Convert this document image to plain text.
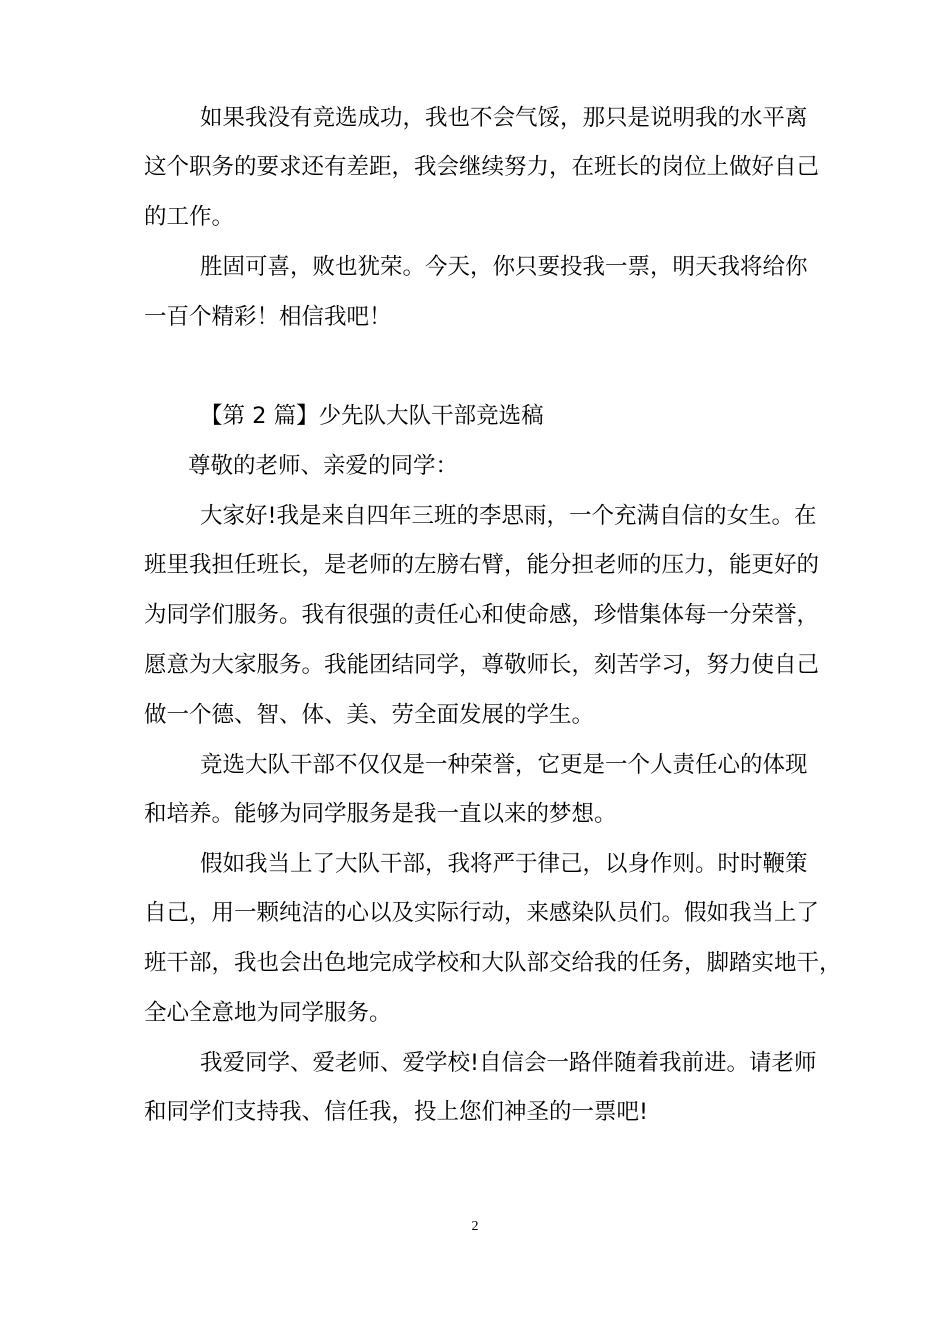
如果我没有竞选成功，我也不会气馁，那只是说明我的水平离
这个职务的要求还有差距，我会继续努力，在班长的岗位上做好自己
的工作。
胜固可喜，败也犹荣。今天，你只要投我一票，明天我将给你
一百个精彩！相信我吧！
【第 2 篇】少先队大队干部竞选稿
尊敬的老师、亲爱的同学：
大家好!我是来自四年三班的李思雨，一个充满自信的女生。在
班里我担任班长，是老师的左膀右臂，能分担老师的压力，能更好的
为同学们服务。我有很强的责任心和使命感，珍惜集体每一分荣誉，
愿意为大家服务。我能团结同学，尊敬师长，刻苦学习，努力使自己
做一个德、智、体、美、劳全面发展的学生。
竞选大队干部不仅仅是一种荣誉，它更是一个人责任心的体现
和培养。能够为同学服务是我一直以来的梦想。
假如我当上了大队干部，我将严于律己，以身作则。时时鞭策
自己，用一颗纯洁的心以及实际行动，来感染队员们。假如我当上了
班干部，我也会出色地完成学校和大队部交给我的任务，脚踏实地干，
全心全意地为同学服务。
我爱同学、爱老师、爱学校!自信会一路伴随着我前进。请老师
和同学们支持我、信任我，投上您们神圣的一票吧!
2
